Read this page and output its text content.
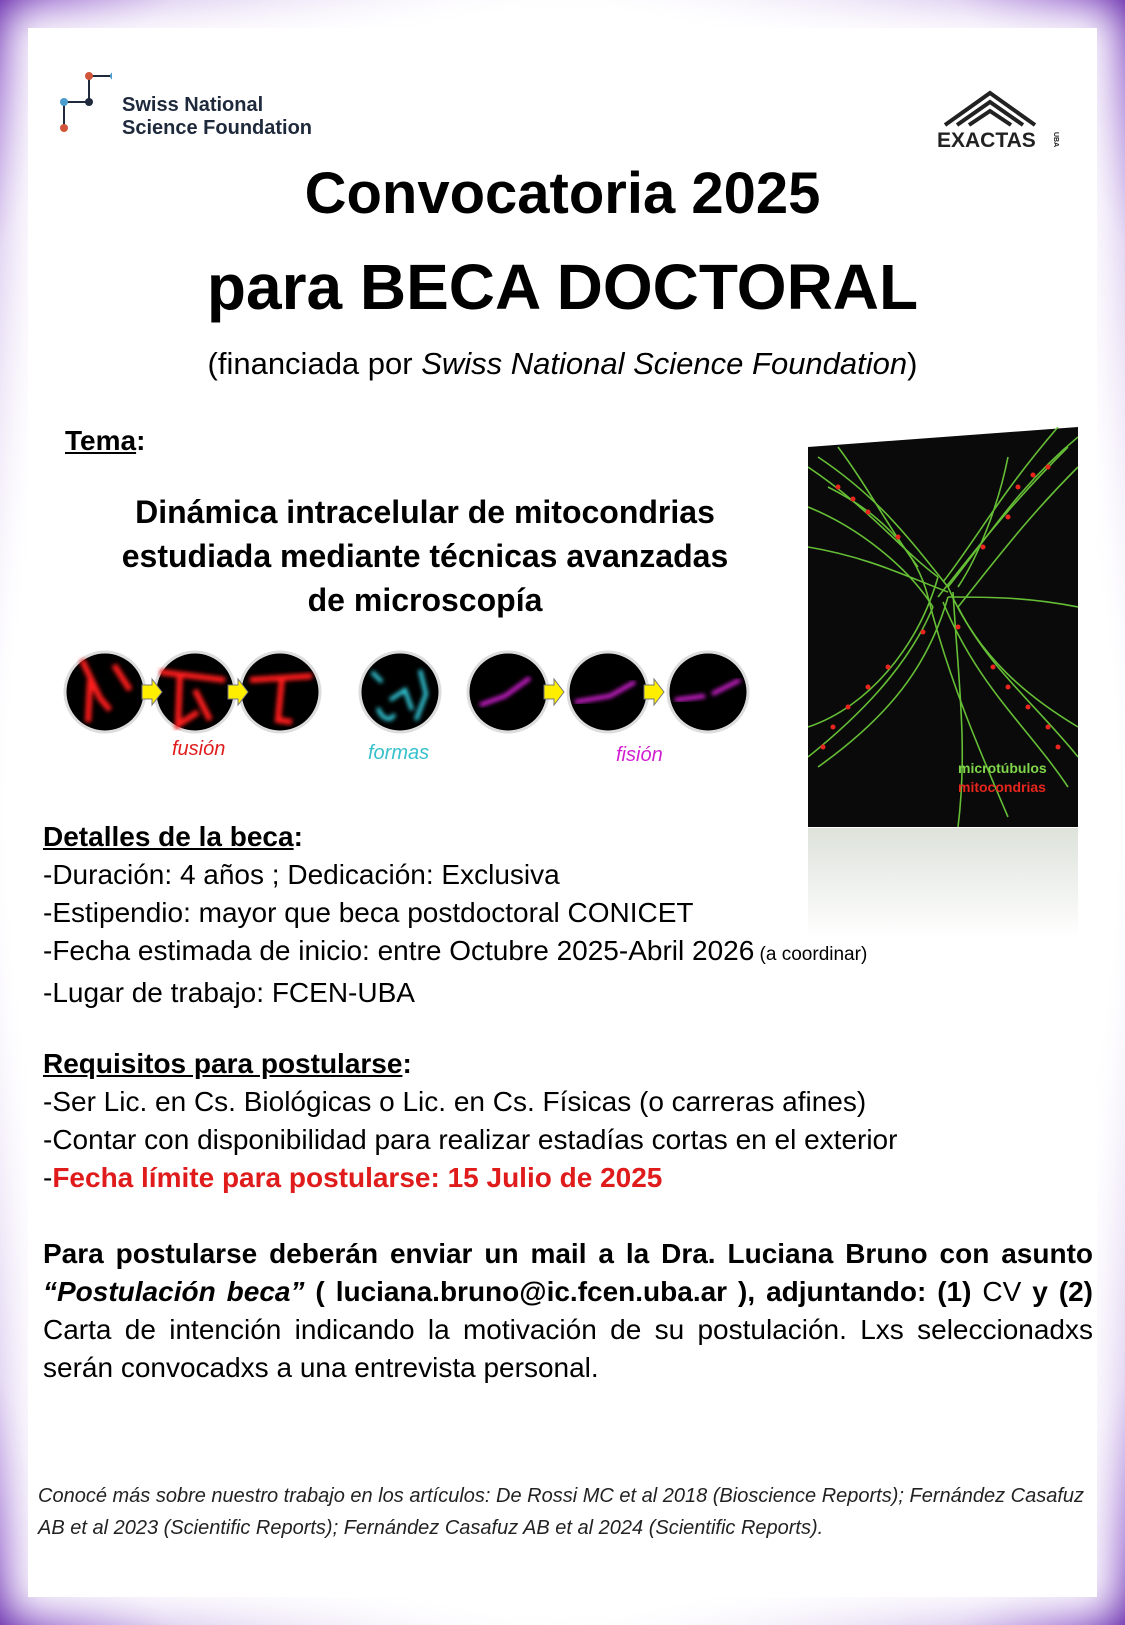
Swiss National
Science Foundation
EXACTAS UBA
Convocatoria 2025
para BECA DOCTORAL
(financiada por Swiss National Science Foundation)
Tema:
Dinámica intracelular de mitocondrias
estudiada mediante técnicas avanzadas
de microscopía
fusión	formas	fisión
microtúbulos
mitocondrias
Detalles de la beca:
-Duración: 4 años ; Dedicación: Exclusiva
-Estipendio: mayor que beca postdoctoral CONICET
-Fecha estimada de inicio: entre Octubre 2025-Abril 2026 (a coordinar)
-Lugar de trabajo: FCEN-UBA
Requisitos para postularse:
-Ser Lic. en Cs. Biológicas o Lic. en Cs. Físicas (o carreras afines)
-Contar con disponibilidad para realizar estadías cortas en el exterior
-Fecha límite para postularse: 15 Julio de 2025
Para postularse deberán enviar un mail a la Dra. Luciana Bruno con asunto “Postulación beca” ( luciana.bruno@ic.fcen.uba.ar ), adjuntando: (1) CV y (2) Carta de intención indicando la motivación de su postulación. Lxs seleccionadxs serán convocadxs a una entrevista personal.
Conocé más sobre nuestro trabajo en los artículos: De Rossi MC et al 2018 (Bioscience Reports); Fernández Casafuz AB et al 2023 (Scientific Reports); Fernández Casafuz AB et al 2024 (Scientific Reports).
